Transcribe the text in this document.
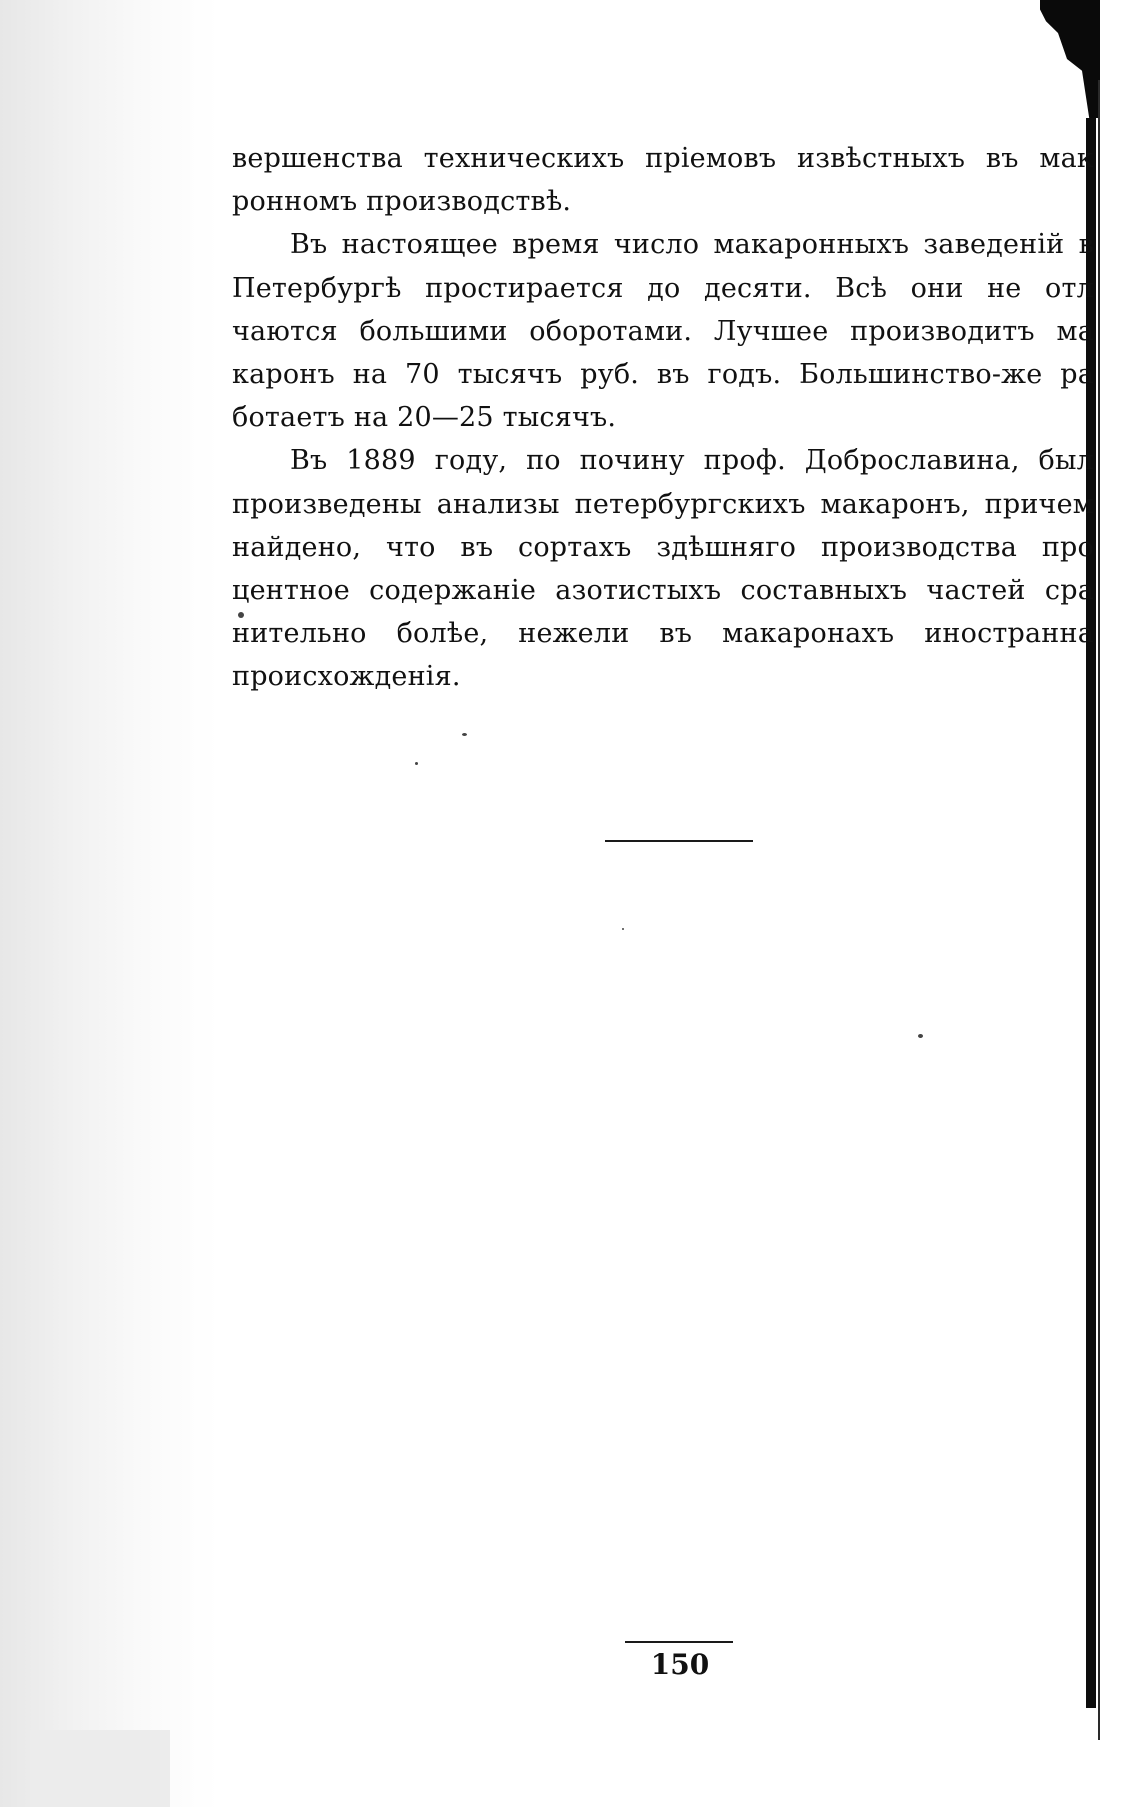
вершенства техническихъ пріемовъ извѣстныхъ въ мак
ронномъ производствѣ.
Въ настоящее время число макаронныхъ заведеній в
Петербургѣ простирается до десяти. Всѣ они не отл
чаются большими оборотами. Лучшее производитъ ма
каронъ на 70 тысячъ руб. въ годъ. Большинство-же ра
ботаетъ на 20—25 тысячъ.
Въ 1889 году, по почину проф. Доброславина, был
произведены анализы петербургскихъ макаронъ, причем
найдено, что въ сортахъ здѣшняго производства про
центное содержаніе азотистыхъ составныхъ частей сра
нительно болѣе, нежели въ макаронахъ иностранна
происхожденія.
150
